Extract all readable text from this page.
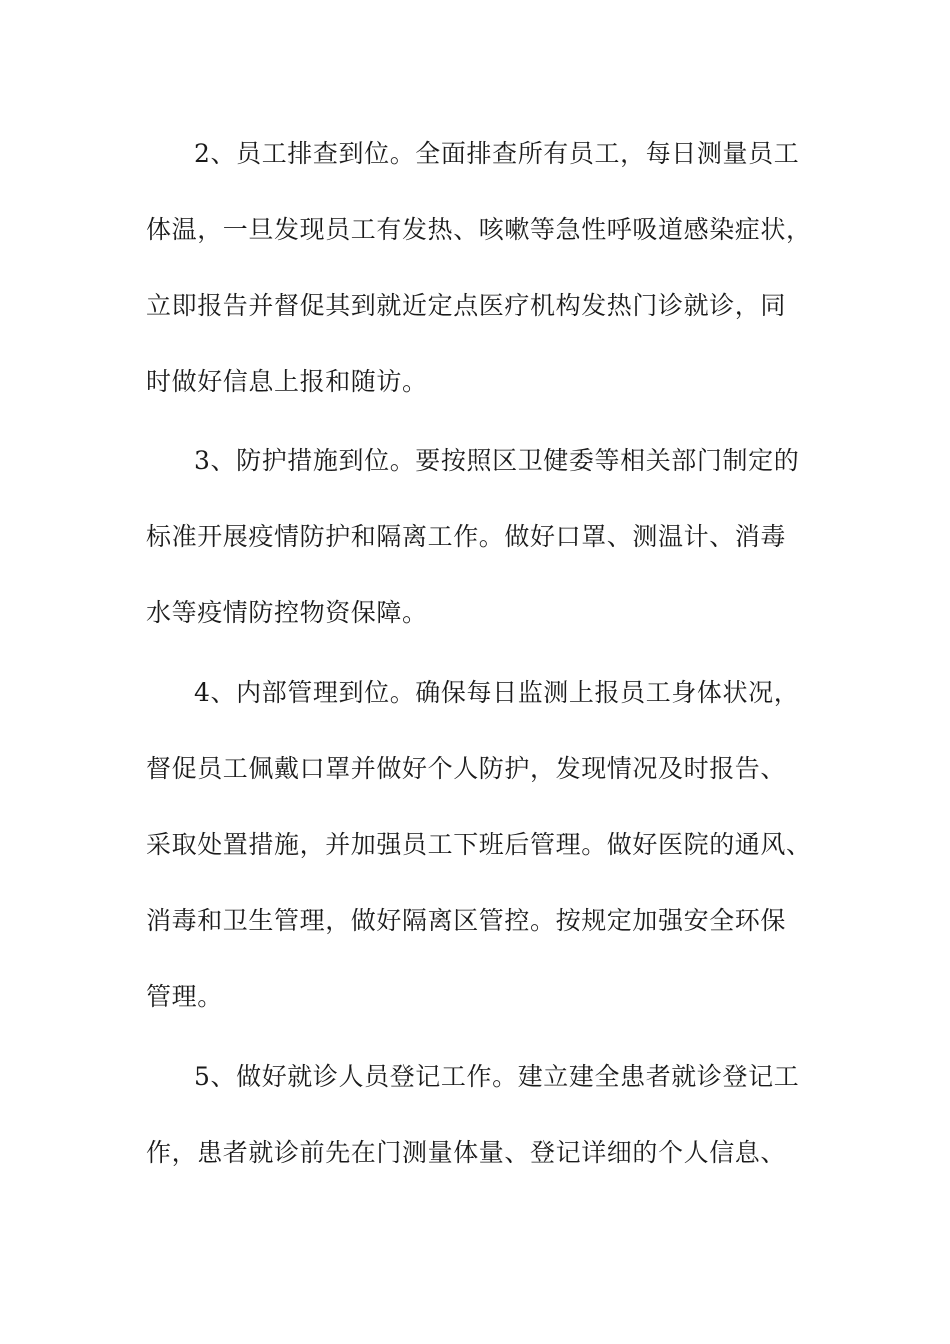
2、员工排查到位。全面排查所有员工，每日测量员工
体温，一旦发现员工有发热、咳嗽等急性呼吸道感染症状，
立即报告并督促其到就近定点医疗机构发热门诊就诊，同
时做好信息上报和随访。
3、防护措施到位。要按照区卫健委等相关部门制定的
标准开展疫情防护和隔离工作。做好口罩、测温计、消毒
水等疫情防控物资保障。
4、内部管理到位。确保每日监测上报员工身体状况，
督促员工佩戴口罩并做好个人防护，发现情况及时报告、
采取处置措施，并加强员工下班后管理。做好医院的通风、
消毒和卫生管理，做好隔离区管控。按规定加强安全环保
管理。
5、做好就诊人员登记工作。建立建全患者就诊登记工
作，患者就诊前先在门测量体量、登记详细的个人信息、
